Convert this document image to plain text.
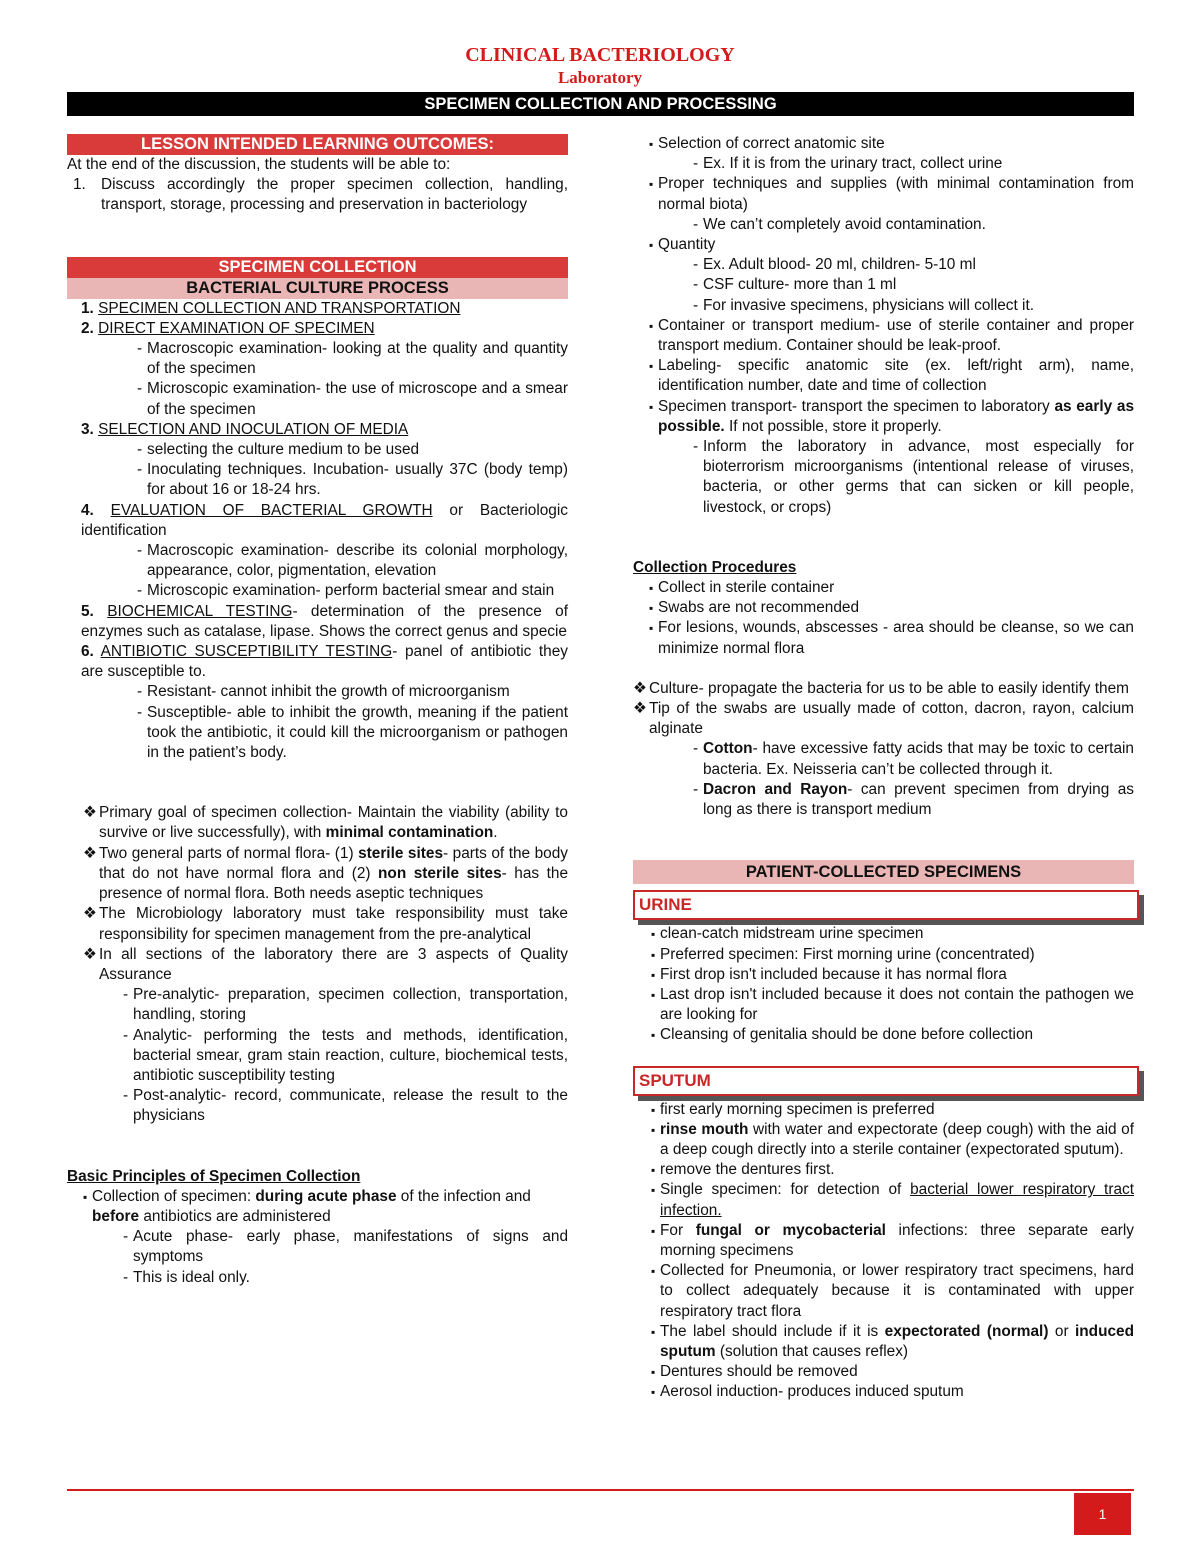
CLINICAL BACTERIOLOGY
Laboratory
SPECIMEN COLLECTION AND PROCESSING
LESSON INTENDED LEARNING OUTCOMES:

At the end of the discussion, the students will be able to:

1. Discuss accordingly the proper specimen collection, handling, transport, storage, processing and preservation in bacteriology
SPECIMEN COLLECTION
BACTERIAL CULTURE PROCESS

1. SPECIMEN COLLECTION AND TRANSPORTATION

2. DIRECT EXAMINATION OF SPECIMEN

- Macroscopic examination- looking at the quality and quantity of the specimen
- Microscopic examination- the use of microscope and a smear of the specimen

3. SELECTION AND INOCULATION OF MEDIA

- selecting the culture medium to be used
- Inoculating techniques. Incubation- usually 37C (body temp) for about 16 or 18-24 hrs.

4. EVALUATION OF BACTERIAL GROWTH or Bacteriologic identification

- Macroscopic examination- describe its colonial morphology, appearance, color, pigmentation, elevation
- Microscopic examination- perform bacterial smear and stain

5. BIOCHEMICAL TESTING- determination of the presence of enzymes such as catalase, lipase. Shows the correct genus and specie

6. ANTIBIOTIC SUSCEPTIBILITY TESTING- panel of antibiotic they are susceptible to.

- Resistant- cannot inhibit the growth of microorganism
- Susceptible- able to inhibit the growth, meaning if the patient took the antibiotic, it could kill the microorganism or pathogen in the patient’s body.
❖ Primary goal of specimen collection- Maintain the viability (ability to survive or live successfully), with minimal contamination.
❖ Two general parts of normal flora- (1) sterile sites- parts of the body that do not have normal flora and (2) non sterile sites- has the presence of normal flora. Both needs aseptic techniques
❖ The Microbiology laboratory must take responsibility must take responsibility for specimen management from the pre-analytical
❖ In all sections of the laboratory there are 3 aspects of Quality Assurance
- Pre-analytic- preparation, specimen collection, transportation, handling, storing
- Analytic- performing the tests and methods, identification, bacterial smear, gram stain reaction, culture, biochemical tests, antibiotic susceptibility testing
- Post-analytic- record, communicate, release the result to the physicians

Basic Principles of Specimen Collection

▪ Collection of specimen: during acute phase of the infection and before antibiotics are administered
- Acute phase- early phase, manifestations of signs and symptoms
- This is ideal only.
▪ Selection of correct anatomic site
- Ex. If it is from the urinary tract, collect urine
▪ Proper techniques and supplies (with minimal contamination from normal biota)
- We can’t completely avoid contamination.
▪ Quantity
- Ex. Adult blood- 20 ml, children- 5-10 ml
- CSF culture- more than 1 ml
- For invasive specimens, physicians will collect it.
▪ Container or transport medium- use of sterile container and proper transport medium. Container should be leak-proof.
▪ Labeling- specific anatomic site (ex. left/right arm), name, identification number, date and time of collection
▪ Specimen transport- transport the specimen to laboratory as early as possible. If not possible, store it properly.
- Inform the laboratory in advance, most especially for bioterrorism microorganisms (intentional release of viruses, bacteria, or other germs that can sicken or kill people, livestock, or crops)

Collection Procedures

▪ Collect in sterile container
▪ Swabs are not recommended
▪ For lesions, wounds, abscesses - area should be cleanse, so we can minimize normal flora
❖ Culture- propagate the bacteria for us to be able to easily identify them
❖ Tip of the swabs are usually made of cotton, dacron, rayon, calcium alginate
- Cotton- have excessive fatty acids that may be toxic to certain bacteria. Ex. Neisseria can’t be collected through it.
- Dacron and Rayon- can prevent specimen from drying as long as there is transport medium
PATIENT-COLLECTED SPECIMENS
URINE
▪ clean-catch midstream urine specimen
▪ Preferred specimen: First morning urine (concentrated)
▪ First drop isn't included because it has normal flora
▪ Last drop isn't included because it does not contain the pathogen we are looking for
▪ Cleansing of genitalia should be done before collection
SPUTUM
▪ first early morning specimen is preferred
▪ rinse mouth with water and expectorate (deep cough) with the aid of a deep cough directly into a sterile container (expectorated sputum).
▪ remove the dentures first.
▪ Single specimen: for detection of bacterial lower respiratory tract infection.
▪ For fungal or mycobacterial infections: three separate early morning specimens
▪ Collected for Pneumonia, or lower respiratory tract specimens, hard to collect adequately because it is contaminated with upper respiratory tract flora
▪ The label should include if it is expectorated (normal) or induced sputum (solution that causes reflex)
▪ Dentures should be removed
▪ Aerosol induction- produces induced sputum
1
